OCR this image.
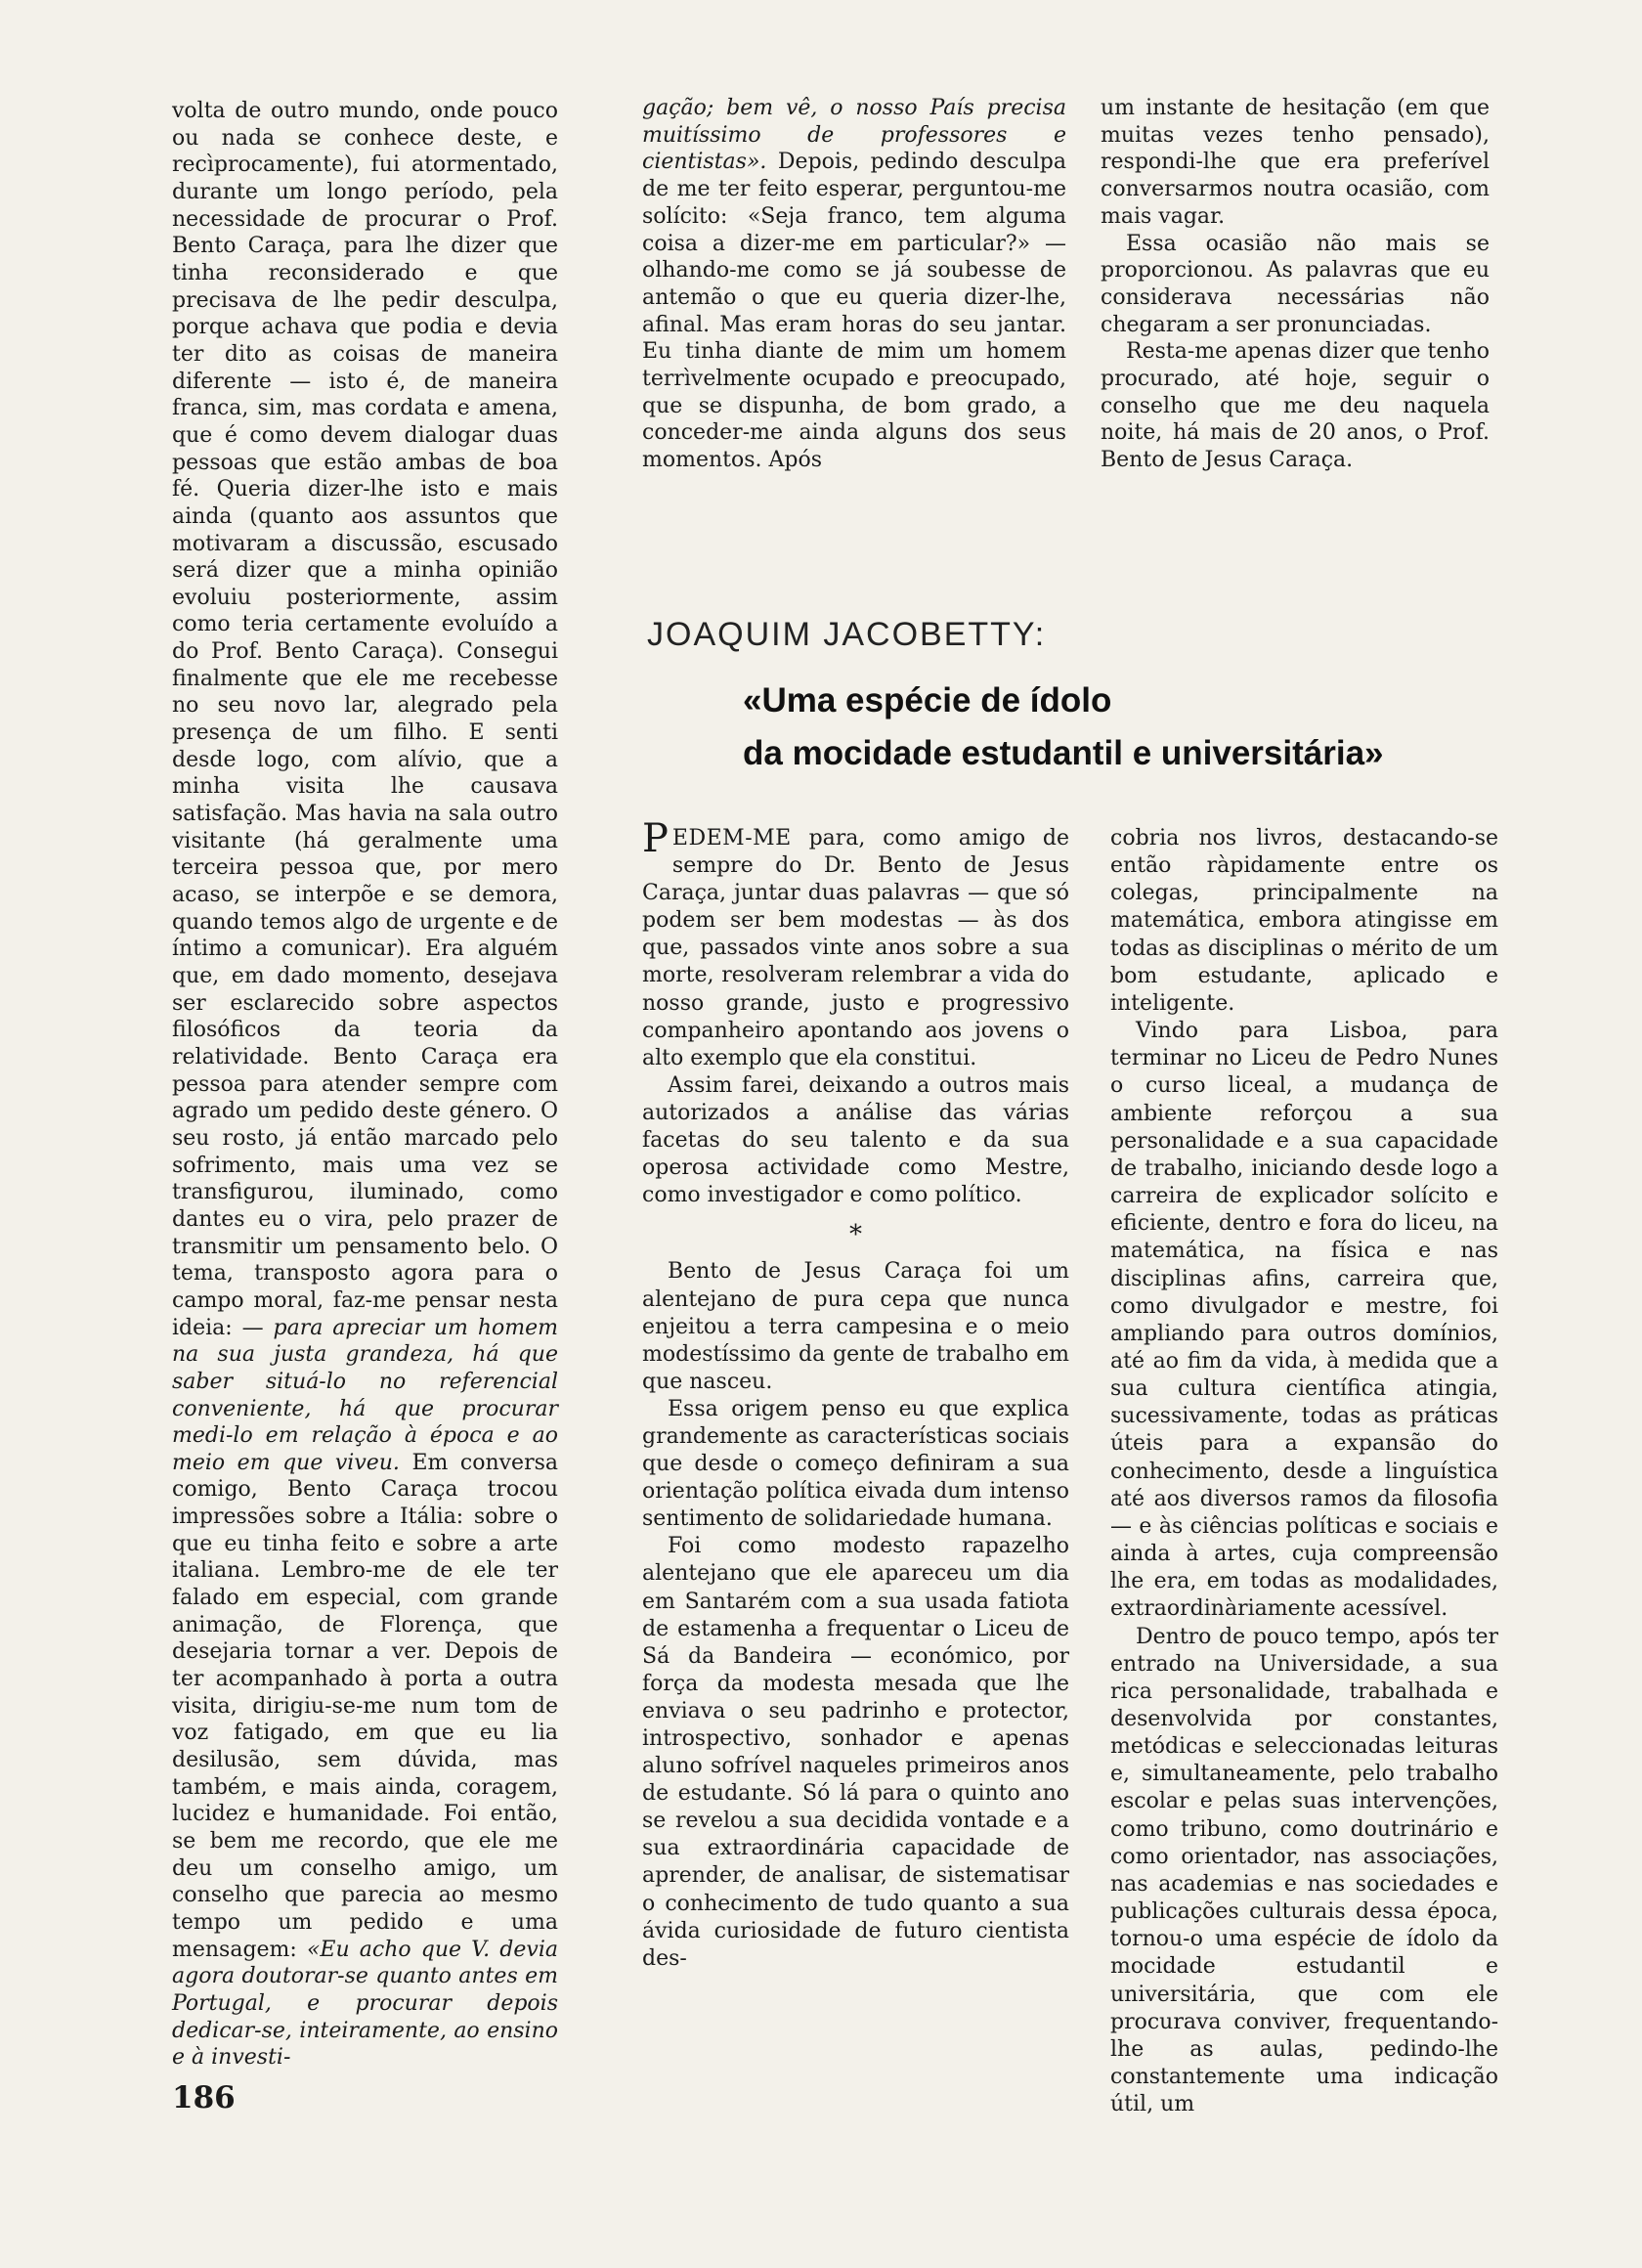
volta de outro mundo, onde pouco ou nada se conhece deste, e recìprocamente), fui atormentado, durante um longo período, pela necessidade de procurar o Prof. Bento Caraça, para lhe dizer que tinha reconsiderado e que precisava de lhe pedir desculpa, porque achava que podia e devia ter dito as coisas de maneira diferente — isto é, de maneira franca, sim, mas cordata e amena, que é como devem dialogar duas pessoas que estão ambas de boa fé. Queria dizer-lhe isto e mais ainda (quanto aos assuntos que motivaram a discussão, escusado será dizer que a minha opinião evoluiu posteriormente, assim como teria certamente evoluído a do Prof. Bento Caraça). Consegui finalmente que ele me recebesse no seu novo lar, alegrado pela presença de um filho. E senti desde logo, com alívio, que a minha visita lhe causava satisfação. Mas havia na sala outro visitante (há geralmente uma terceira pessoa que, por mero acaso, se interpõe e se demora, quando temos algo de urgente e de íntimo a comunicar). Era alguém que, em dado momento, desejava ser esclarecido sobre aspectos filosóficos da teoria da relatividade. Bento Caraça era pessoa para atender sempre com agrado um pedido deste género. O seu rosto, já então marcado pelo sofrimento, mais uma vez se transfigurou, iluminado, como dantes eu o vira, pelo prazer de transmitir um pensamento belo. O tema, transposto agora para o campo moral, faz-me pensar nesta ideia: — para apreciar um homem na sua justa grandeza, há que saber situá-lo no referencial conveniente, há que procurar medi-lo em relação à época e ao meio em que viveu. Em conversa comigo, Bento Caraça trocou impressões sobre a Itália: sobre o que eu tinha feito e sobre a arte italiana. Lembro-me de ele ter falado em especial, com grande animação, de Florença, que desejaria tornar a ver. Depois de ter acompanhado à porta a outra visita, dirigiu-se-me num tom de voz fatigado, em que eu lia desilusão, sem dúvida, mas também, e mais ainda, coragem, lucidez e humanidade. Foi então, se bem me recordo, que ele me deu um conselho amigo, um conselho que parecia ao mesmo tempo um pedido e uma mensagem: «Eu acho que V. devia agora doutorar-se quanto antes em Portugal, e procurar depois dedicar-se, inteiramente, ao ensino e à investi-

gação; bem vê, o nosso País precisa muitíssimo de professores e cientistas». Depois, pedindo desculpa de me ter feito esperar, perguntou-me solícito: «Seja franco, tem alguma coisa a dizer-me em particular?» — olhando-me como se já soubesse de antemão o que eu queria dizer-lhe, afinal. Mas eram horas do seu jantar. Eu tinha diante de mim um homem terrìvelmente ocupado e preocupado, que se dispunha, de bom grado, a conceder-me ainda alguns dos seus momentos. Após

um instante de hesitação (em que muitas vezes tenho pensado), respondi-lhe que era preferível conversarmos noutra ocasião, com mais vagar.

Essa ocasião não mais se proporcionou. As palavras que eu considerava necessárias não chegaram a ser pronunciadas.

Resta-me apenas dizer que tenho procurado, até hoje, seguir o conselho que me deu naquela noite, há mais de 20 anos, o Prof. Bento de Jesus Caraça.

JOAQUIM JACOBETTY:
«Uma espécie de ídolo
da mocidade estudantil e universitária»

PEDEM-ME para, como amigo de sempre do Dr. Bento de Jesus Caraça, juntar duas palavras — que só podem ser bem modestas — às dos que, passados vinte anos sobre a sua morte, resolveram relembrar a vida do nosso grande, justo e progressivo companheiro apontando aos jovens o alto exemplo que ela constitui.

Assim farei, deixando a outros mais autorizados a análise das várias facetas do seu talento e da sua operosa actividade como Mestre, como investigador e como político.

*

Bento de Jesus Caraça foi um alentejano de pura cepa que nunca enjeitou a terra campesina e o meio modestíssimo da gente de trabalho em que nasceu.

Essa origem penso eu que explica grandemente as características sociais que desde o começo definiram a sua orientação política eivada dum intenso sentimento de solidariedade humana.

Foi como modesto rapazelho alentejano que ele apareceu um dia em Santarém com a sua usada fatiota de estamenha a frequentar o Liceu de Sá da Bandeira — económico, por força da modesta mesada que lhe enviava o seu padrinho e protector, introspectivo, sonhador e apenas aluno sofrível naqueles primeiros anos de estudante. Só lá para o quinto ano se revelou a sua decidida vontade e a sua extraordinária capacidade de aprender, de analisar, de sistematisar o conhecimento de tudo quanto a sua ávida curiosidade de futuro cientista des-

cobria nos livros, destacando-se então ràpidamente entre os colegas, principalmente na matemática, embora atingisse em todas as disciplinas o mérito de um bom estudante, aplicado e inteligente.

Vindo para Lisboa, para terminar no Liceu de Pedro Nunes o curso liceal, a mudança de ambiente reforçou a sua personalidade e a sua capacidade de trabalho, iniciando desde logo a carreira de explicador solícito e eficiente, dentro e fora do liceu, na matemática, na física e nas disciplinas afins, carreira que, como divulgador e mestre, foi ampliando para outros domínios, até ao fim da vida, à medida que a sua cultura científica atingia, sucessivamente, todas as práticas úteis para a expansão do conhecimento, desde a linguística até aos diversos ramos da filosofia — e às ciências políticas e sociais e ainda à artes, cuja compreensão lhe era, em todas as modalidades, extraordinàriamente acessível.

Dentro de pouco tempo, após ter entrado na Universidade, a sua rica personalidade, trabalhada e desenvolvida por constantes, metódicas e seleccionadas leituras e, simultaneamente, pelo trabalho escolar e pelas suas intervenções, como tribuno, como doutrinário e como orientador, nas associações, nas academias e nas sociedades e publicações culturais dessa época, tornou-o uma espécie de ídolo da mocidade estudantil e universitária, que com ele procurava conviver, frequentando-lhe as aulas, pedindo-lhe constantemente uma indicação útil, um

186
